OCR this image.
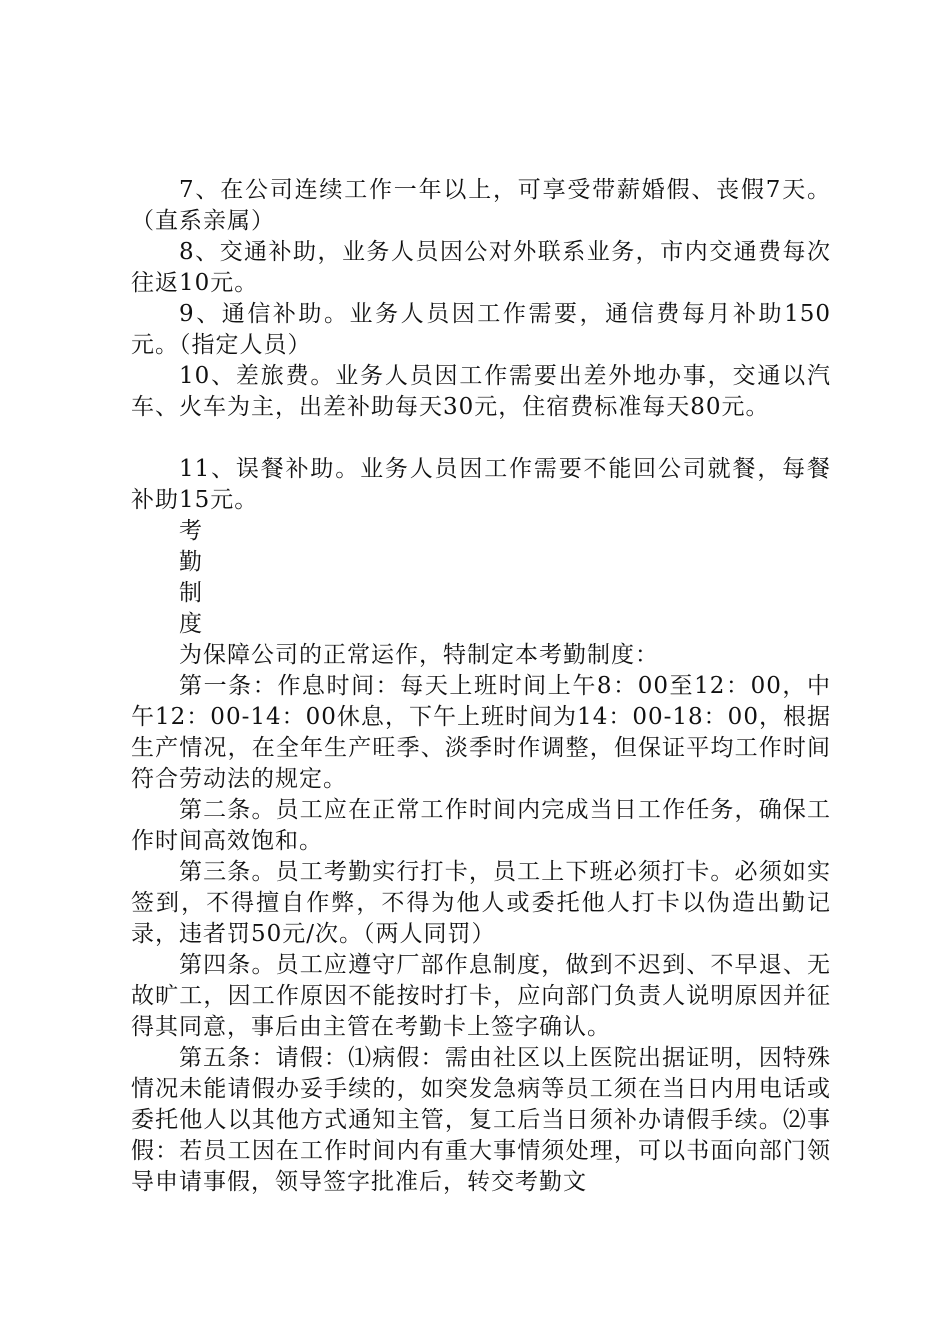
7、在公司连续工作一年以上，可享受带薪婚假、丧假7天。（直系亲属）

8、交通补助，业务人员因公对外联系业务，市内交通费每次往返10元。

9、通信补助。业务人员因工作需要，通信费每月补助150元。（指定人员）

10、差旅费。业务人员因工作需要出差外地办事，交通以汽车、火车为主，出差补助每天30元，住宿费标准每天80元。

11、误餐补助。业务人员因工作需要不能回公司就餐，每餐补助15元。

考

勤

制

度

为保障公司的正常运作，特制定本考勤制度：

第一条：作息时间：每天上班时间上午8：00至12：00，中午12：00-14：00休息，下午上班时间为14：00-18：00，根据生产情况，在全年生产旺季、淡季时作调整，但保证平均工作时间符合劳动法的规定。

第二条。员工应在正常工作时间内完成当日工作任务，确保工作时间高效饱和。

第三条。员工考勤实行打卡，员工上下班必须打卡。必须如实签到，不得擅自作弊，不得为他人或委托他人打卡以伪造出勤记录，违者罚50元/次。（两人同罚）

第四条。员工应遵守厂部作息制度，做到不迟到、不早退、无故旷工，因工作原因不能按时打卡，应向部门负责人说明原因并征得其同意，事后由主管在考勤卡上签字确认。

第五条：请假：⑴病假：需由社区以上医院出据证明，因特殊情况未能请假办妥手续的，如突发急病等员工须在当日内用电话或委托他人以其他方式通知主管，复工后当日须补办请假手续。⑵事假：若员工因在工作时间内有重大事情须处理，可以书面向部门领导申请事假，领导签字批准后，转交考勤文
